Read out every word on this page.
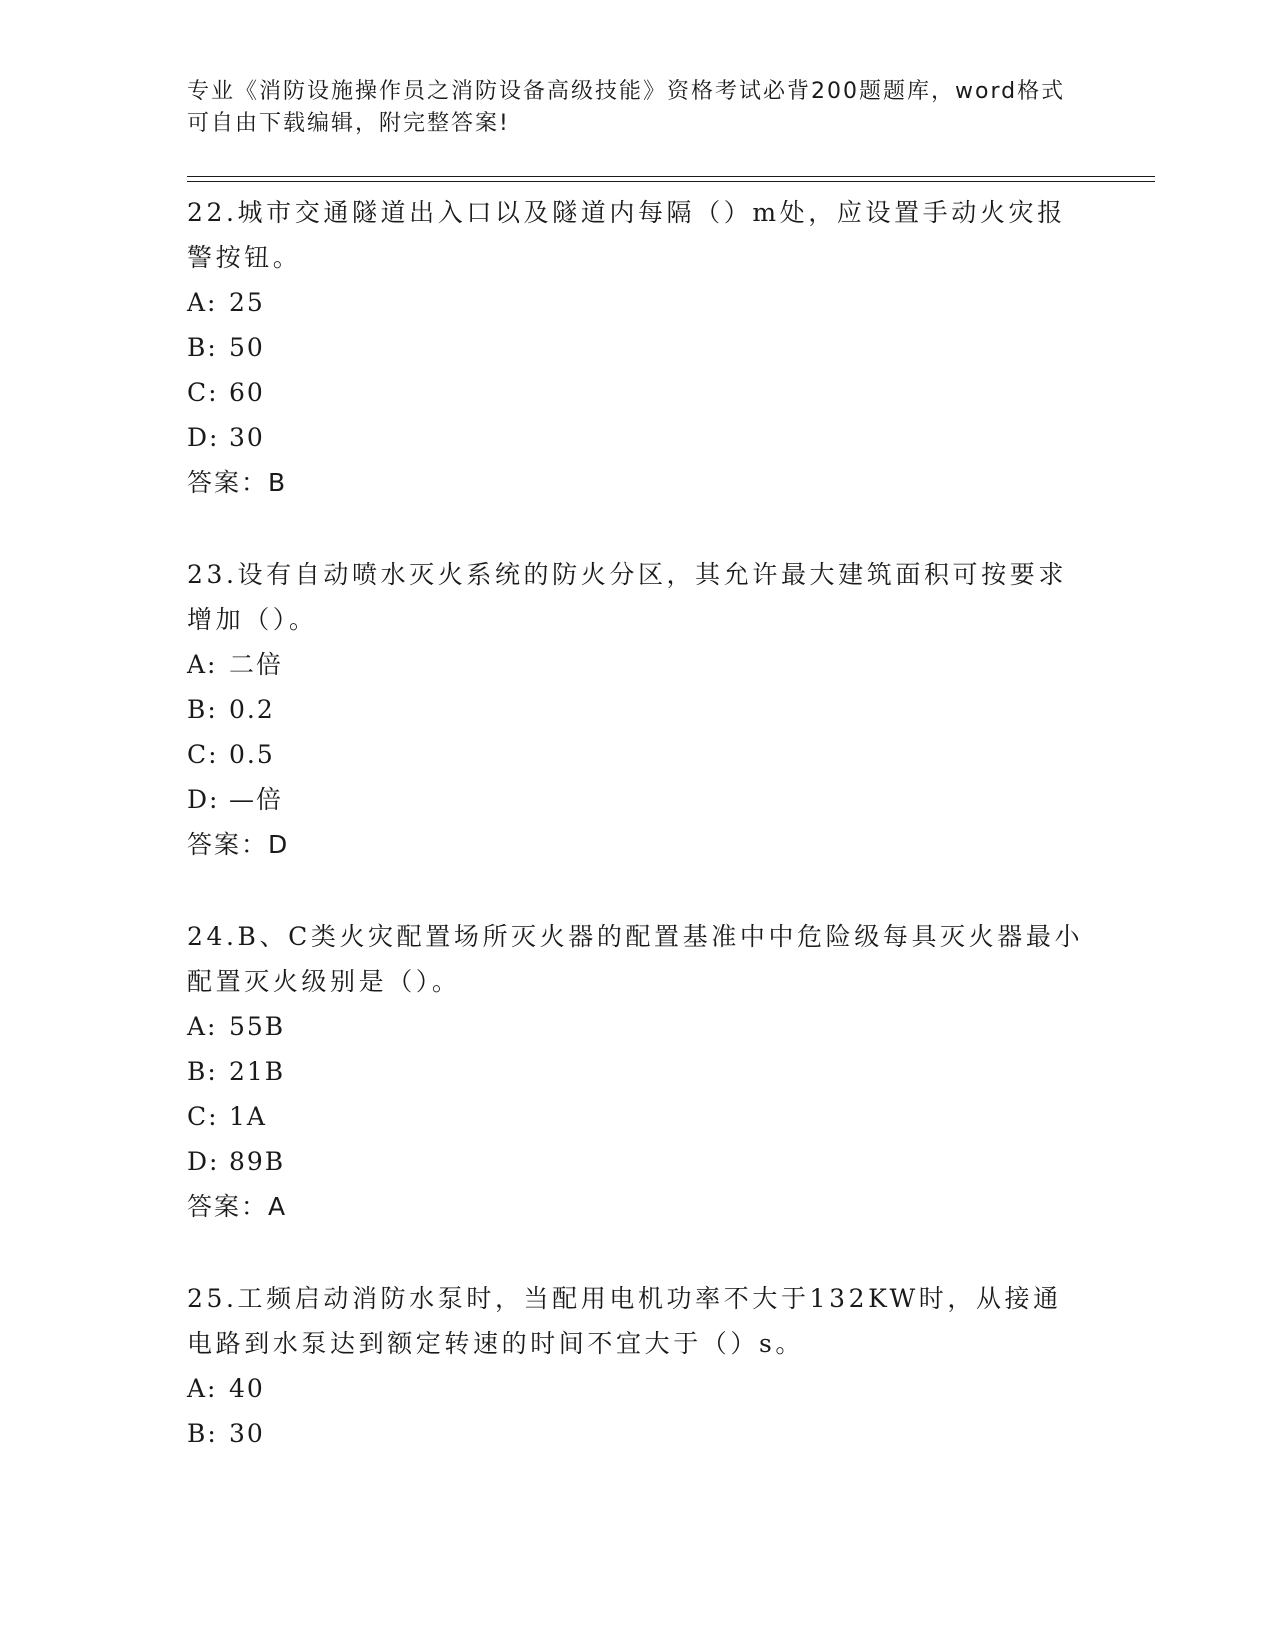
专业《消防设施操作员之消防设备高级技能》资格考试必背200题题库，word格式可自由下载编辑，附完整答案!

22.城市交通隧道出入口以及隧道内每隔（）m处，应设置手动火灾报警按钮。

A: 25
B: 50
C: 60
D: 30
答案：B

23.设有自动喷水灭火系统的防火分区，其允许最大建筑面积可按要求增加（）。

A: 二倍
B: 0.2
C: 0.5
D: —倍
答案：D

24.B、C类火灾配置场所灭火器的配置基准中中危险级每具灭火器最小配置灭火级别是（）。

A: 55B
B: 21B
C: 1A
D: 89B
答案：A

25.工频启动消防水泵时，当配用电机功率不大于132KW时，从接通电路到水泵达到额定转速的时间不宜大于（）s。

A: 40
B: 30
